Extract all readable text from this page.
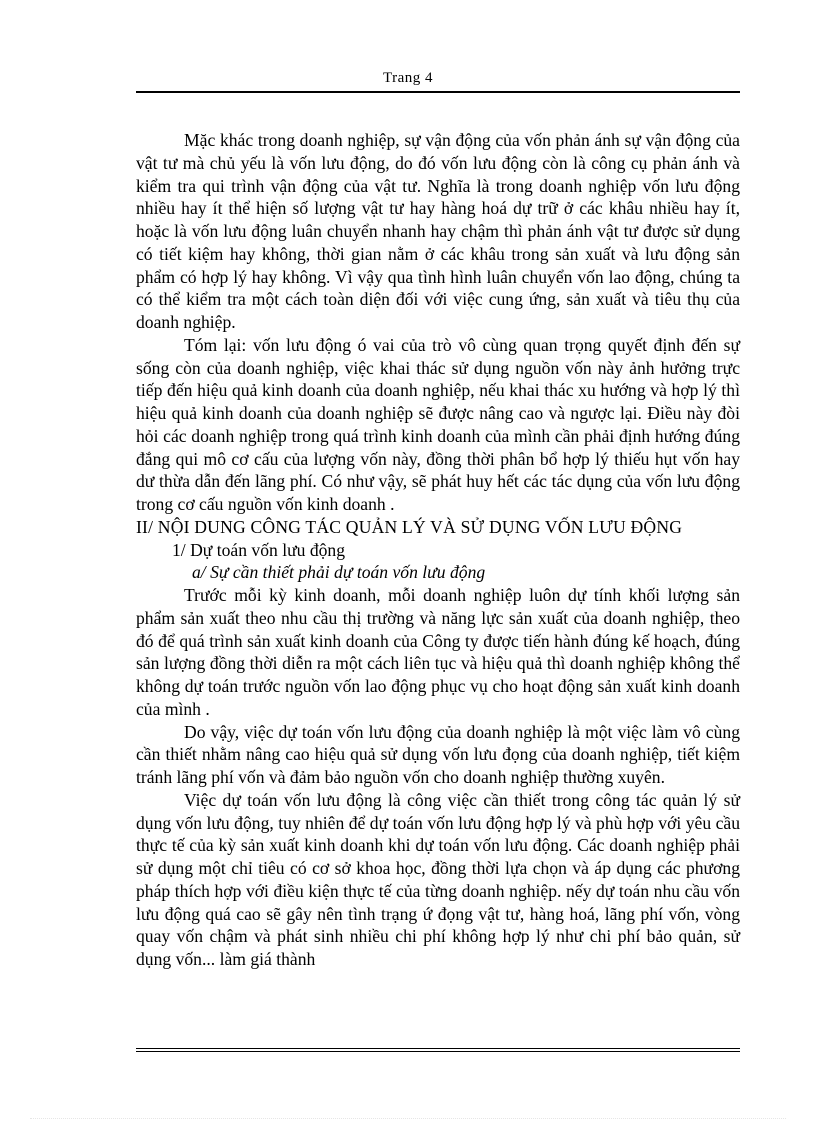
Trang 4

Mặc khác trong doanh nghiệp, sự vận động của vốn phản ánh sự vận động của vật tư mà chủ yếu là vốn lưu động, do đó vốn lưu động còn là công cụ phản ánh và kiểm tra qui trình vận động của vật tư. Nghĩa là trong doanh nghiệp vốn lưu động nhiều hay ít thể hiện số lượng vật tư hay hàng hoá dự trữ ở các khâu nhiều hay ít, hoặc là vốn lưu động luân chuyển nhanh hay chậm thì phản ánh vật tư được sử dụng có tiết kiệm hay không, thời gian nằm ở các khâu trong sản xuất và lưu động sản phẩm có hợp lý hay không. Vì vậy qua tình hình luân chuyển vốn lao động, chúng ta có thể kiểm tra một cách toàn diện đối với việc cung ứng, sản xuất và tiêu thụ của doanh nghiệp.

Tóm lại: vốn lưu động ó vai của trò vô cùng quan trọng quyết định đến sự sống còn của doanh nghiệp, việc khai thác sử dụng nguồn vốn này ảnh hưởng trực tiếp đến hiệu quả kinh doanh của doanh nghiệp, nếu khai thác xu hướng và hợp lý thì hiệu quả kinh doanh của doanh nghiệp sẽ được nâng cao và ngược lại. Điều này đòi hỏi các doanh nghiệp trong quá trình kinh doanh của mình cần phải định hướng đúng đắng qui mô cơ cấu của lượng vốn này, đồng thời phân bổ hợp lý thiếu hụt vốn hay dư thừa dẫn đến lãng phí. Có như vậy, sẽ phát huy hết các tác dụng của vốn lưu động trong cơ cấu nguồn vốn kinh doanh .

II/ NỘI DUNG CÔNG TÁC QUẢN LÝ VÀ SỬ DỤNG VỐN LƯU ĐỘNG
1/ Dự toán vốn lưu động
a/ Sự cần thiết phải dự toán vốn lưu động

Trước mỗi kỳ kinh doanh, mỗi doanh nghiệp luôn dự tính khối lượng sản phẩm sản xuất theo nhu cầu thị trường và năng lực sản xuất của doanh nghiệp, theo đó để quá trình sản xuất kinh doanh của Công ty được tiến hành đúng kế hoạch, đúng sản lượng đồng thời diễn ra một cách liên tục và hiệu quả thì doanh nghiệp không thể không dự toán trước nguồn vốn lao động phục vụ cho hoạt động sản xuất kinh doanh của mình .

Do vậy, việc dự toán vốn lưu động của doanh nghiệp là một việc làm vô cùng cần thiết nhằm nâng cao hiệu quả sử dụng vốn lưu đọng của doanh nghiệp, tiết kiệm tránh lãng phí vốn và đảm bảo nguồn vốn cho doanh nghiệp thường xuyên.

Việc dự toán vốn lưu động là công việc cần thiết trong công tác quản lý sử dụng vốn lưu động, tuy nhiên để dự toán vốn lưu động hợp lý và phù hợp với yêu cầu thực tế của kỳ sản xuất kinh doanh khi dự toán vốn lưu động. Các doanh nghiệp phải sử dụng một chỉ tiêu có cơ sở khoa học, đồng thời lựa chọn và áp dụng các phương pháp thích hợp với điều kiện thực tế của từng doanh nghiệp. nếy dự toán nhu cầu vốn lưu động quá cao sẽ gây nên tình trạng ứ đọng vật tư, hàng hoá, lãng phí vốn, vòng quay vốn chậm và phát sinh nhiều chi phí không hợp lý như chi phí bảo quản, sử dụng vốn... làm giá thành
